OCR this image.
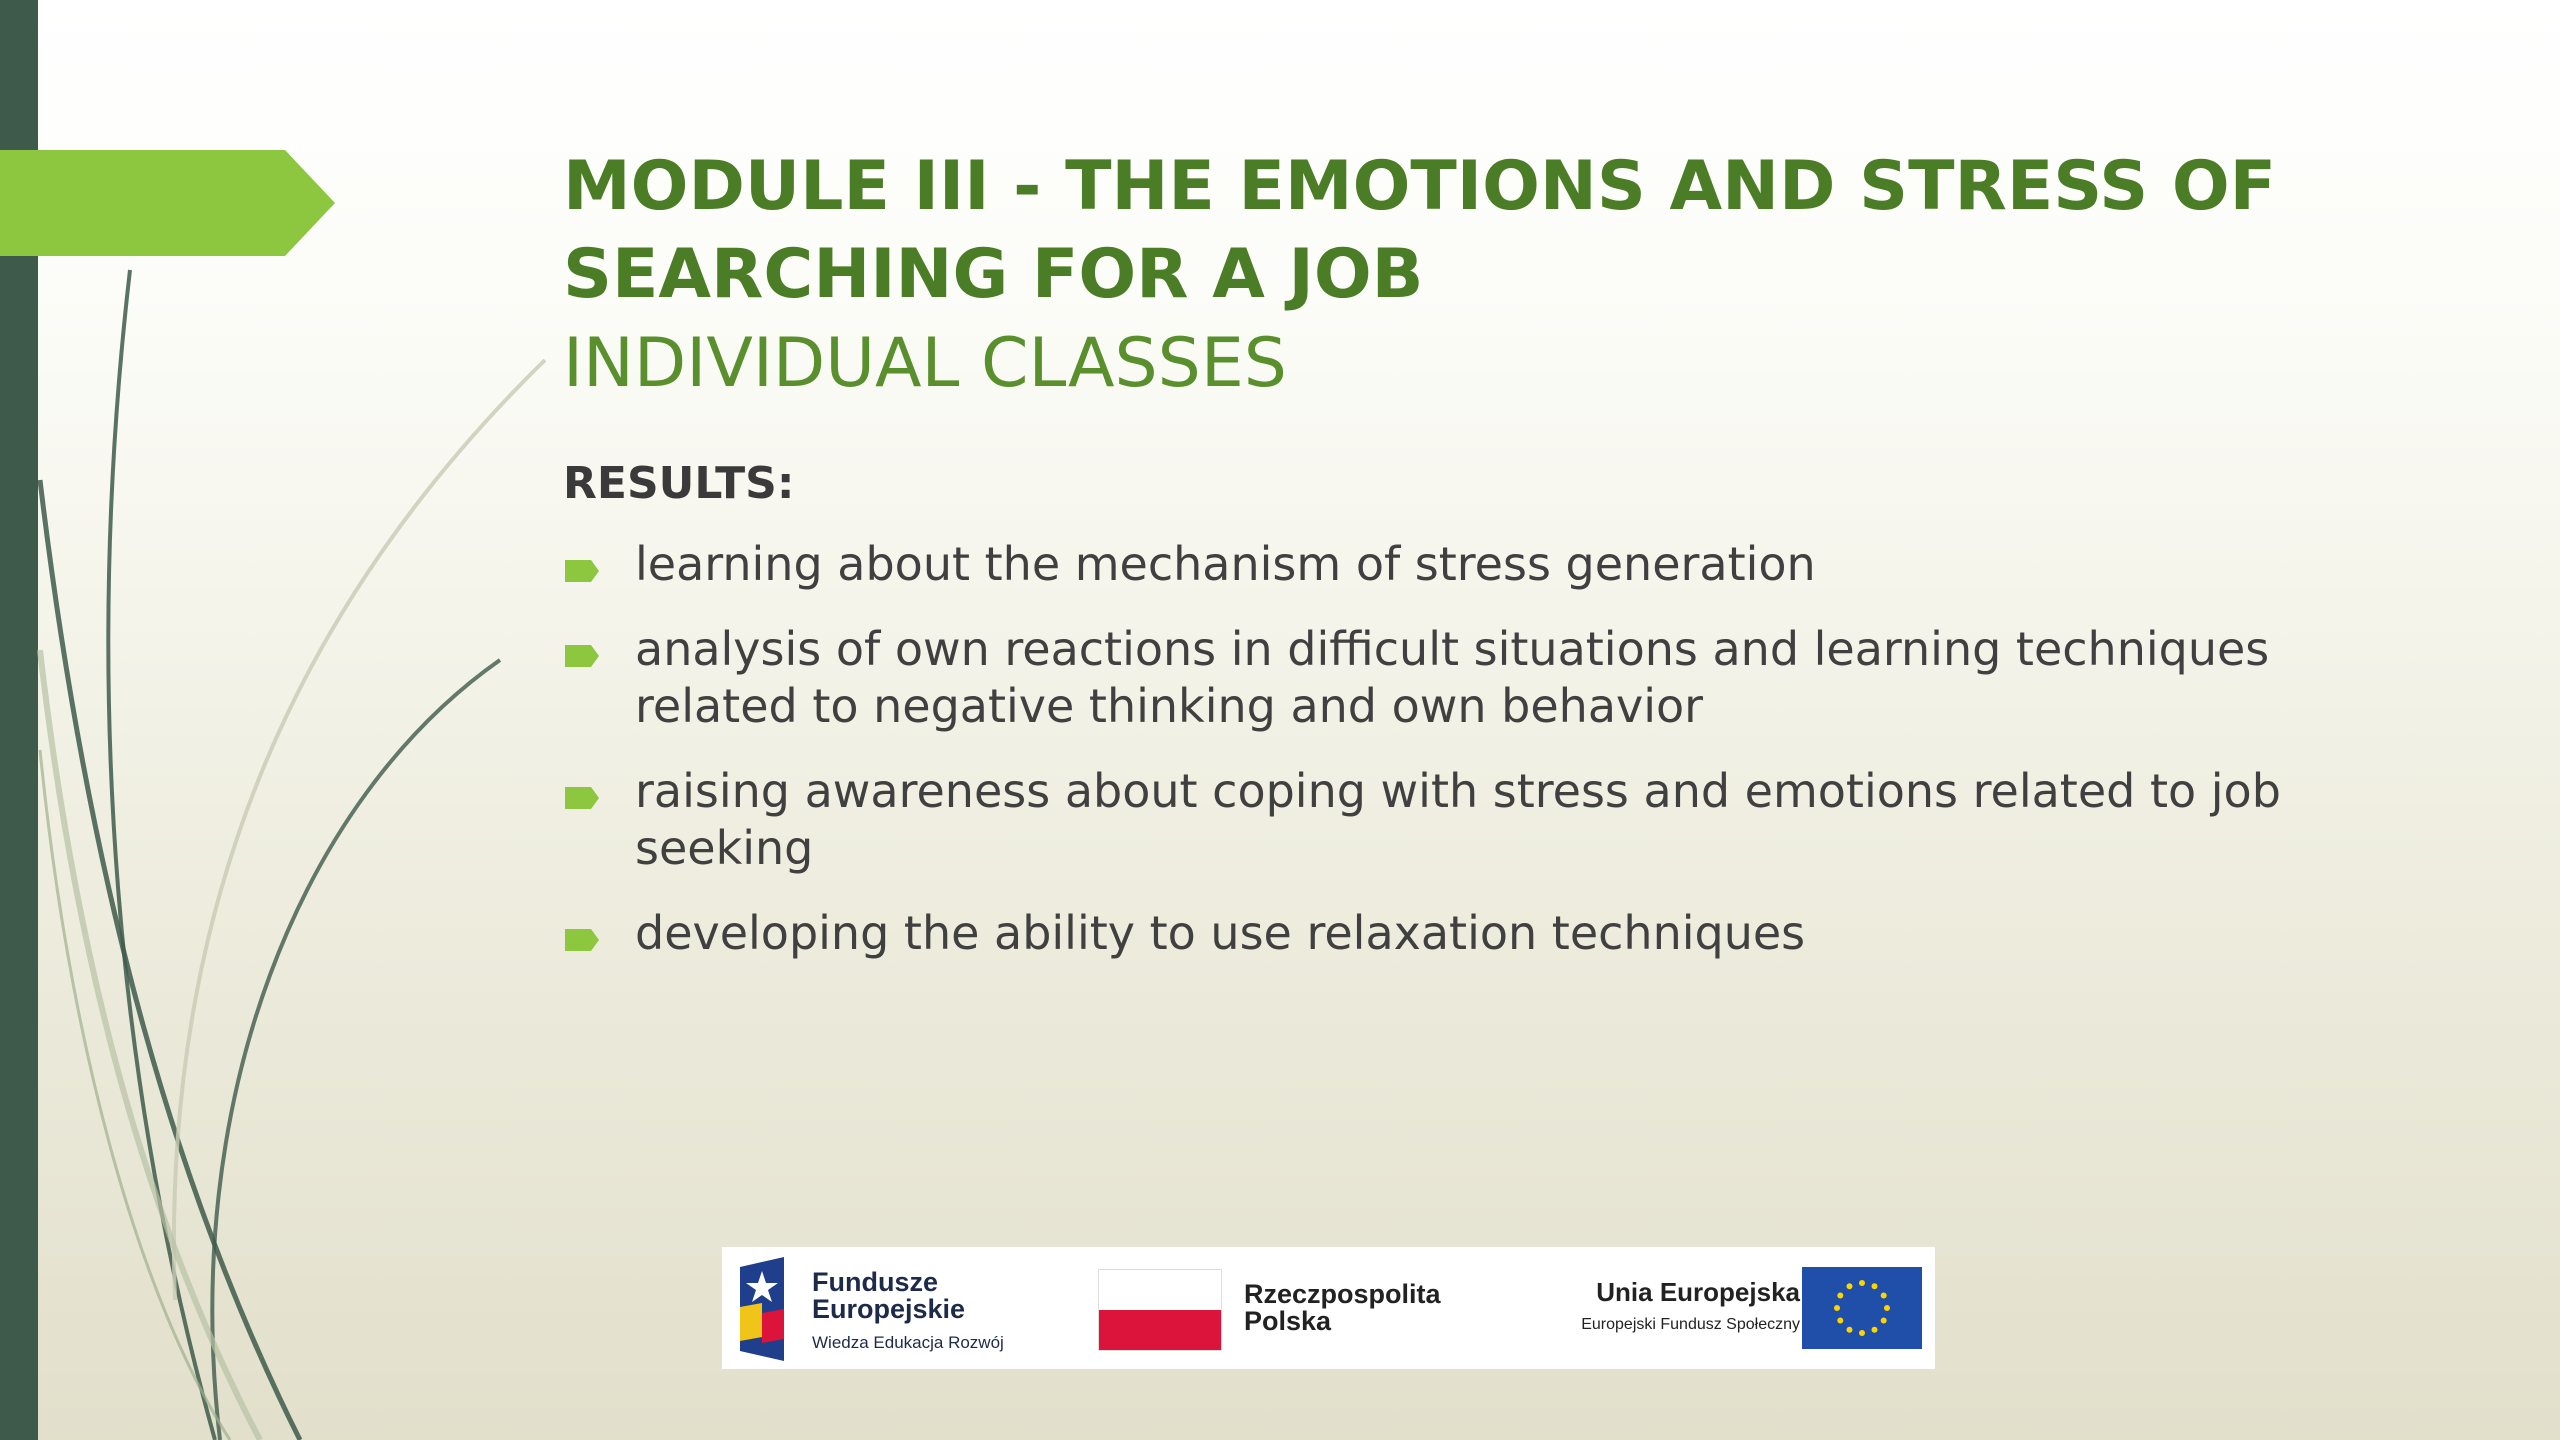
MODULE III - THE EMOTIONS AND STRESS OF
SEARCHING FOR A JOB
INDIVIDUAL CLASSES
RESULTS:
learning about the mechanism of stress generation
analysis of own reactions in difficult situations and learning techniques
related to negative thinking and own behavior
raising awareness about coping with stress and emotions related to job
seeking
developing the ability to use relaxation techniques
Fundusze
Europejskie
Wiedza Edukacja Rozwój
Rzeczpospolita
Polska
Unia Europejska
Europejski Fundusz Społeczny
